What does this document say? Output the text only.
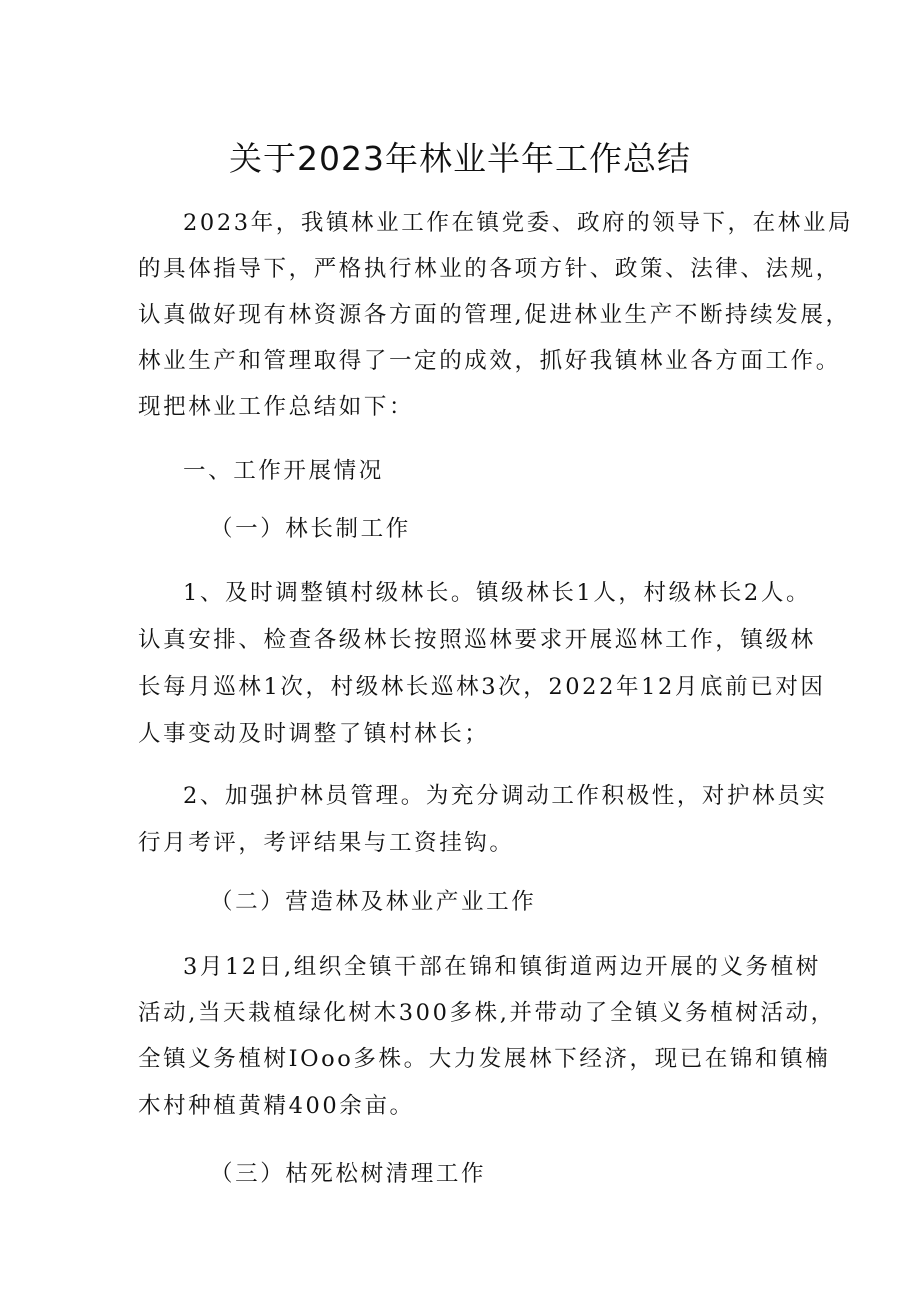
关于2023年林业半年工作总结
2023年，我镇林业工作在镇党委、政府的领导下，在林业局
的具体指导下，严格执行林业的各项方针、政策、法律、法规，
认真做好现有林资源各方面的管理,促进林业生产不断持续发展，
林业生产和管理取得了一定的成效，抓好我镇林业各方面工作。
现把林业工作总结如下：
一、工作开展情况
（一）林长制工作
1、及时调整镇村级林长。镇级林长1人，村级林长2人。
认真安排、检查各级林长按照巡林要求开展巡林工作，镇级林
长每月巡林1次，村级林长巡林3次，2022年12月底前已对因
人事变动及时调整了镇村林长；
2、加强护林员管理。为充分调动工作积极性，对护林员实
行月考评，考评结果与工资挂钩。
（二）营造林及林业产业工作
3月12日,组织全镇干部在锦和镇街道两边开展的义务植树
活动,当天栽植绿化树木300多株,并带动了全镇义务植树活动，
全镇义务植树IOoo多株。大力发展林下经济，现已在锦和镇楠
木村种植黄精400余亩。
（三）枯死松树清理工作
